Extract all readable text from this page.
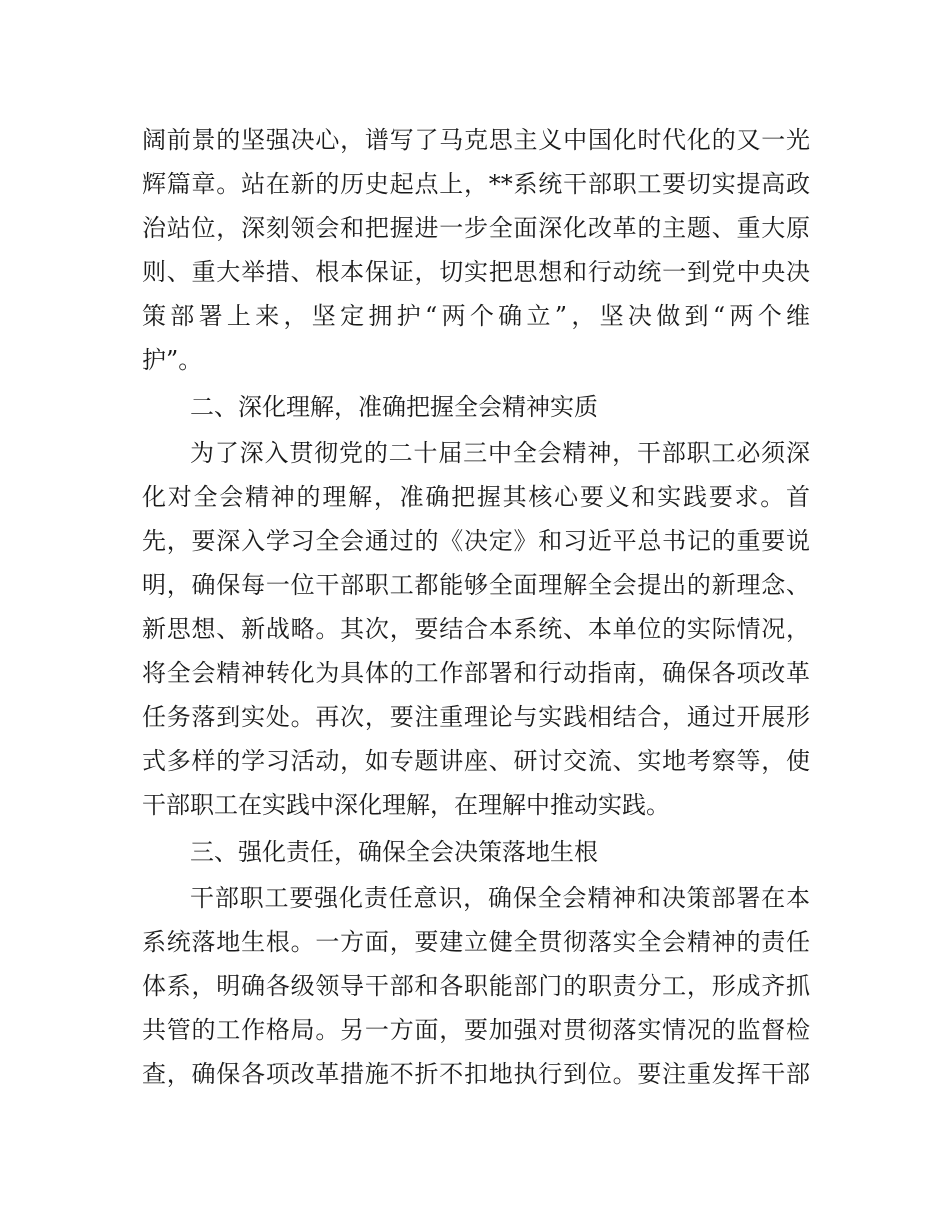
阔前景的坚强决心，谱写了马克思主义中国化时代化的又一光
辉篇章。站在新的历史起点上，**系统干部职工要切实提高政
治站位，深刻领会和把握进一步全面深化改革的主题、重大原
则、重大举措、根本保证，切实把思想和行动统一到党中央决
策部署上来，坚定拥护“两个确立”，坚决做到“两个维
护”。
二、深化理解，准确把握全会精神实质
为了深入贯彻党的二十届三中全会精神，干部职工必须深
化对全会精神的理解，准确把握其核心要义和实践要求。首
先，要深入学习全会通过的《决定》和习近平总书记的重要说
明，确保每一位干部职工都能够全面理解全会提出的新理念、
新思想、新战略。其次，要结合本系统、本单位的实际情况，
将全会精神转化为具体的工作部署和行动指南，确保各项改革
任务落到实处。再次，要注重理论与实践相结合，通过开展形
式多样的学习活动，如专题讲座、研讨交流、实地考察等，使
干部职工在实践中深化理解，在理解中推动实践。
三、强化责任，确保全会决策落地生根
干部职工要强化责任意识，确保全会精神和决策部署在本
系统落地生根。一方面，要建立健全贯彻落实全会精神的责任
体系，明确各级领导干部和各职能部门的职责分工，形成齐抓
共管的工作格局。另一方面，要加强对贯彻落实情况的监督检
查，确保各项改革措施不折不扣地执行到位。要注重发挥干部
